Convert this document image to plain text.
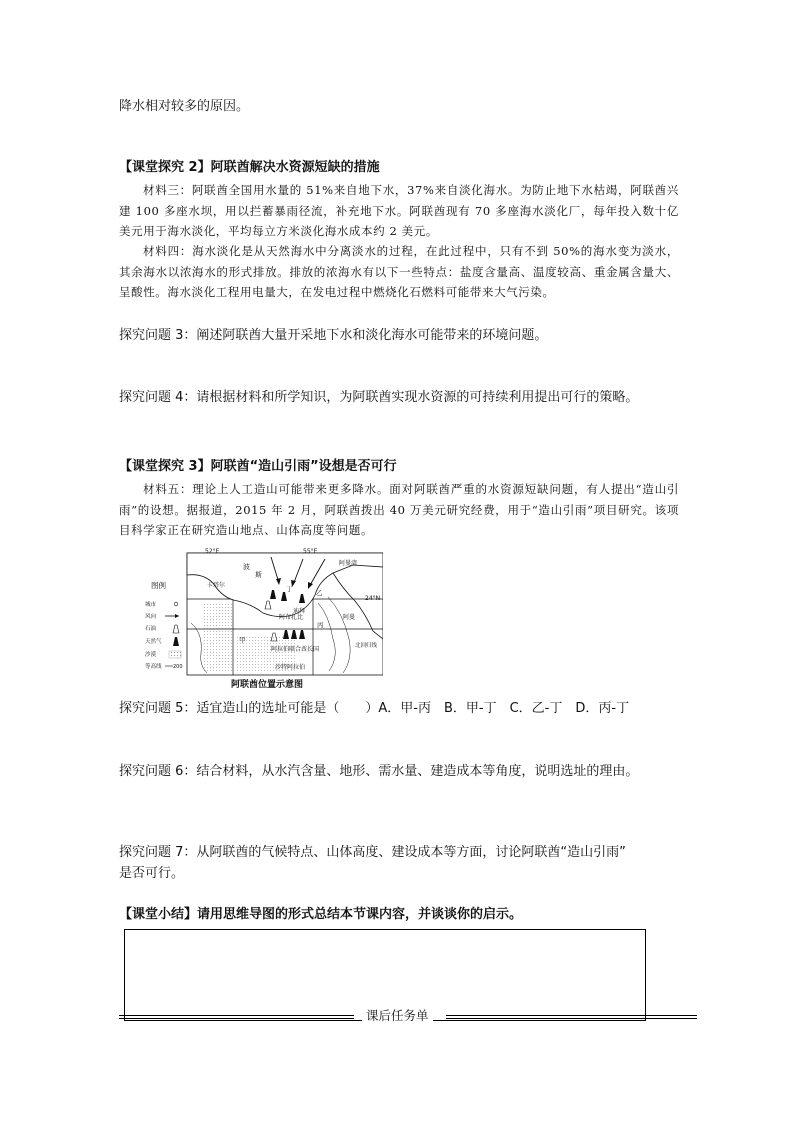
降水相对较多的原因。
【课堂探究 2】阿联酋解决水资源短缺的措施
材料三：阿联酋全国用水量的 51%来自地下水，37%来自淡化海水。为防止地下水枯竭，阿联酋兴建 100 多座水坝，用以拦蓄暴雨径流，补充地下水。阿联酋现有 70 多座海水淡化厂，每年投入数十亿美元用于海水淡化，平均每立方米淡化海水成本约 2 美元。
材料四：海水淡化是从天然海水中分离淡水的过程，在此过程中，只有不到 50%的海水变为淡水，其余海水以浓海水的形式排放。排放的浓海水有以下一些特点：盐度含量高、温度较高、重金属含量大、呈酸性。海水淡化工程用电量大，在发电过程中燃烧化石燃料可能带来大气污染。
探究问题 3：阐述阿联酋大量开采地下水和淡化海水可能带来的环境问题。
探究问题 4：请根据材料和所学知识，为阿联酋实现水资源的可持续利用提出可行的策略。
【课堂探究 3】阿联酋“造山引雨”设想是否可行
材料五：理论上人工造山可能带来更多降水。面对阿联酋严重的水资源短缺问题，有人提出“造山引雨”的设想。据报道，2015 年 2 月，阿联酋拨出 40 万美元研究经费，用于“造山引雨”项目研究。该项目科学家正在研究造山地点、山体高度等问题。
图例
城市
风向
石油
天然气
沙漠
等高线 200
52°E	55°E
24°N
波
斯
阿曼湾
卡塔尔
甲
乙
丙
丁
迪拜
阿布扎比
阿拉伯联合酋长国
阿曼
北回归线
沙特阿拉伯
阿联酋位置示意图
探究问题 5：适宜造山的选址可能是（　　）A．甲-丙　B．甲-丁　C．乙-丁　D．丙-丁
探究问题 6：结合材料，从水汽含量、地形、需水量、建造成本等角度，说明选址的理由。
探究问题 7：从阿联酋的气候特点、山体高度、建设成本等方面，讨论阿联酋“造山引雨”
是否可行。
【课堂小结】请用思维导图的形式总结本节课内容，并谈谈你的启示。
课后任务单
